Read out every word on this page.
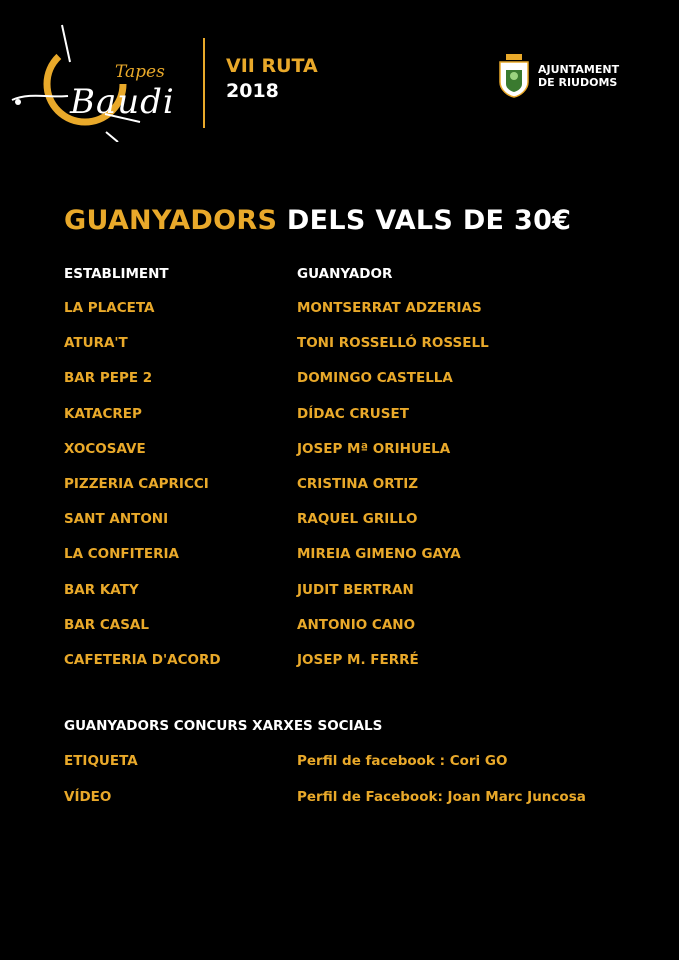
Tapes
Baudi
VII RUTA
2018
AJUNTAMENT
DE RIUDOMS
GUANYADORS DELS VALS DE 30€
ESTABLIMENT	GUANYADOR
LA PLACETA	MONTSERRAT ADZERIAS
ATURA'T	TONI ROSSELLÓ ROSSELL
BAR PEPE 2	DOMINGO CASTELLA
KATACREP	DÍDAC CRUSET
XOCOSAVE	JOSEP Mª ORIHUELA
PIZZERIA CAPRICCI	CRISTINA ORTIZ
SANT ANTONI	RAQUEL GRILLO
LA CONFITERIA	MIREIA GIMENO GAYA
BAR KATY	JUDIT BERTRAN
BAR CASAL	ANTONIO CANO
CAFETERIA D'ACORD	JOSEP M. FERRÉ
GUANYADORS CONCURS XARXES SOCIALS
ETIQUETA	Perfil de facebook : Cori GO
VÍDEO	Perfil de Facebook: Joan Marc Juncosa
